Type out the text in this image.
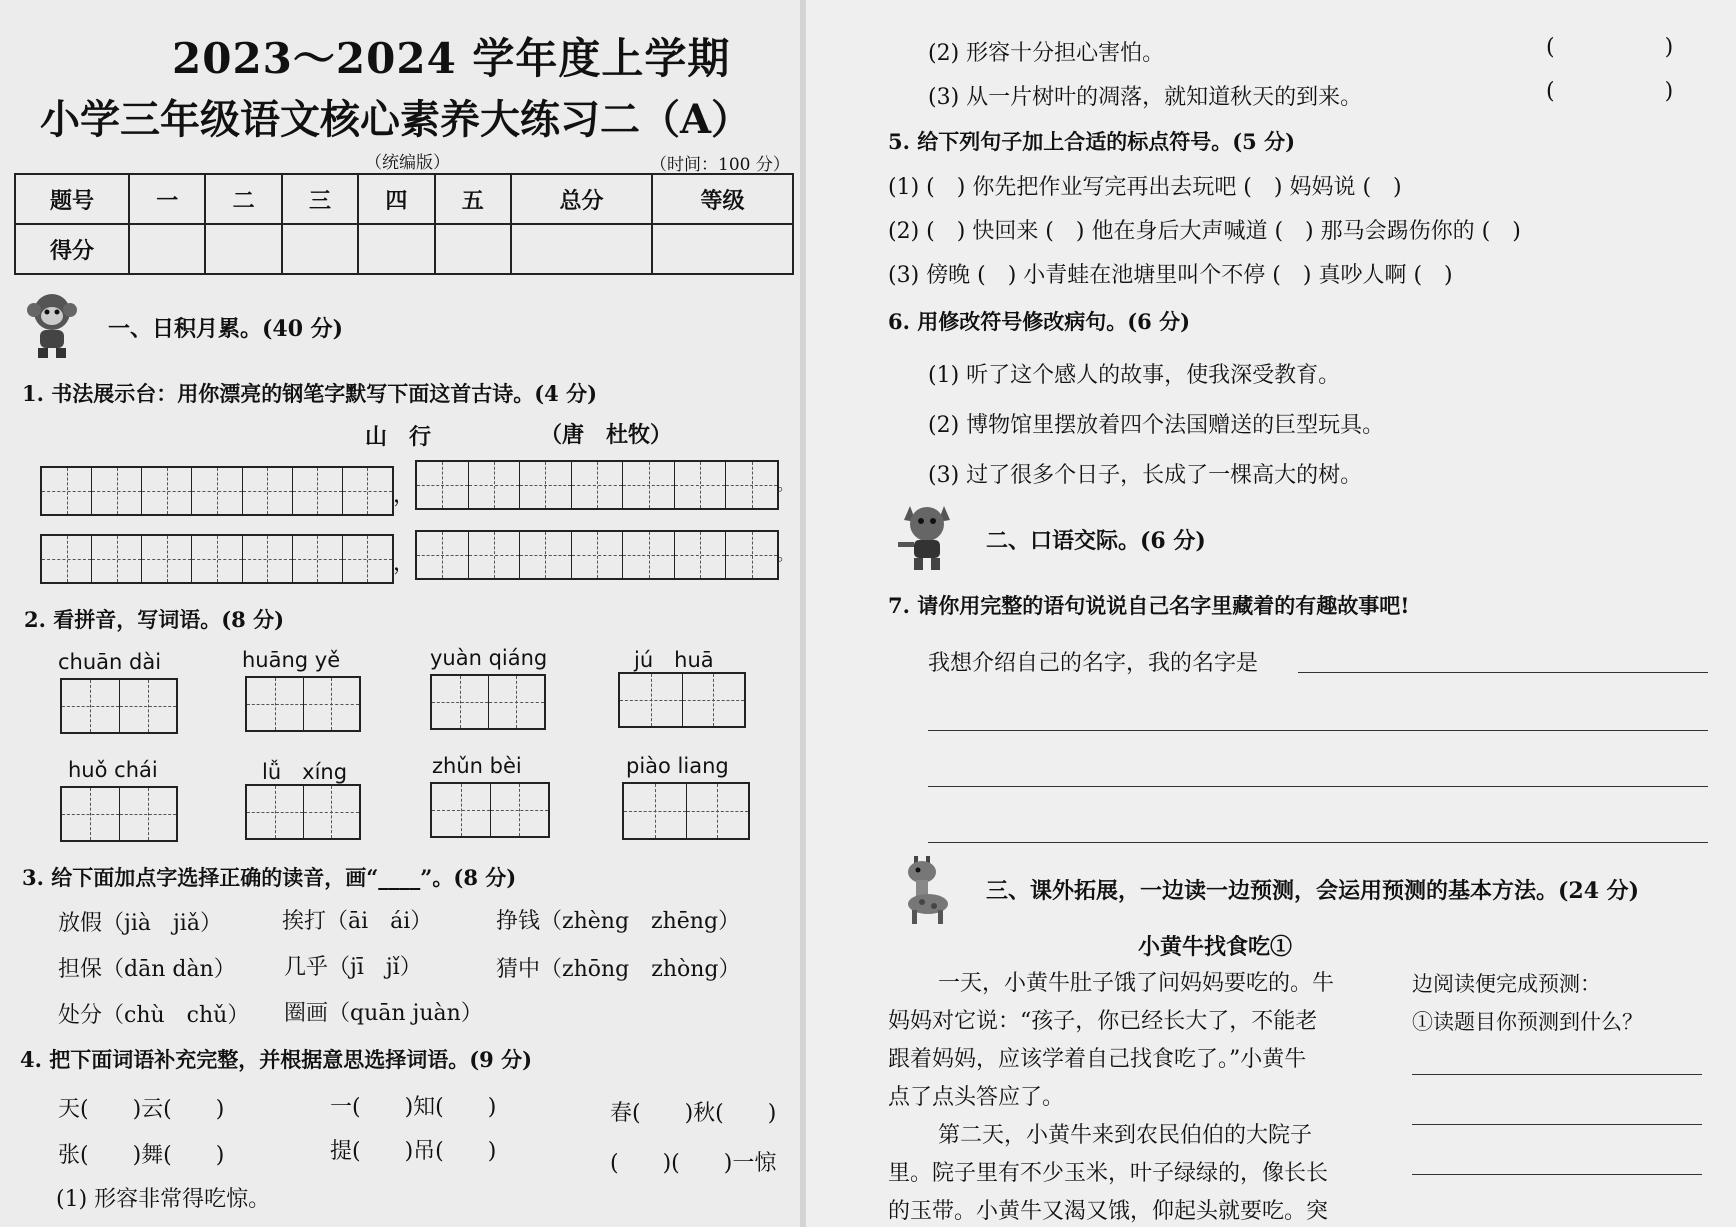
2023～2024 学年度上学期
小学三年级语文核心素养大练习二（A）
（统编版）	（时间：100 分）
题号	一	二	三	四	五	总分	等级
得分							
一、日积月累。(40 分)
1. 书法展示台：用你漂亮的钢笔字默写下面这首古诗。(4 分)
山　行	（唐　杜牧）
，	。
，	。
2. 看拼音，写词语。(8 分)
chuān dài	huāng yě	yuàn qiáng	jú　huā
huǒ chái	lǚ　xíng	zhǔn bèi	piào liang
3. 给下面加点字选择正确的读音，画“____”。(8 分)
放假（jià　jiǎ）	挨打（āi　ái）	挣钱（zhèng　zhēng）
担保（dān dàn） 几乎（jī　jǐ）	猜中（zhōng　zhòng）
处分（chù　chǔ） 圈画（quān juàn）
4. 把下面词语补充完整，并根据意思选择词语。(9 分)
天(　　)云(　　)	一(　　)知(　　)	春(　　)秋(　　)
张(　　)舞(　　)	提(　　)吊(　　)	(　　)(　　)一惊
(1) 形容非常得吃惊。
(2) 形容十分担心害怕。	(　　　　　)
(3) 从一片树叶的凋落，就知道秋天的到来。	(　　　　　)
5. 给下列句子加上合适的标点符号。(5 分)
(1) (　) 你先把作业写完再出去玩吧 (　) 妈妈说 (　)
(2) (　) 快回来 (　) 他在身后大声喊道 (　) 那马会踢伤你的 (　)
(3) 傍晚 (　) 小青蛙在池塘里叫个不停 (　) 真吵人啊 (　)
6. 用修改符号修改病句。(6 分)
(1) 听了这个感人的故事，使我深受教育。
(2) 博物馆里摆放着四个法国赠送的巨型玩具。
(3) 过了很多个日子，长成了一棵高大的树。
二、口语交际。(6 分)
7. 请你用完整的语句说说自己名字里藏着的有趣故事吧!
我想介绍自己的名字，我的名字是
三、课外拓展，一边读一边预测，会运用预测的基本方法。(24 分)
小黄牛找食吃①
一天，小黄牛肚子饿了问妈妈要吃的。牛
妈妈对它说：“孩子，你已经长大了，不能老
跟着妈妈，应该学着自己找食吃了。”小黄牛
点了点头答应了。
第二天，小黄牛来到农民伯伯的大院子
里。院子里有不少玉米，叶子绿绿的，像长长
的玉带。小黄牛又渴又饿，仰起头就要吃。突
边阅读便完成预测：
①读题目你预测到什么？
